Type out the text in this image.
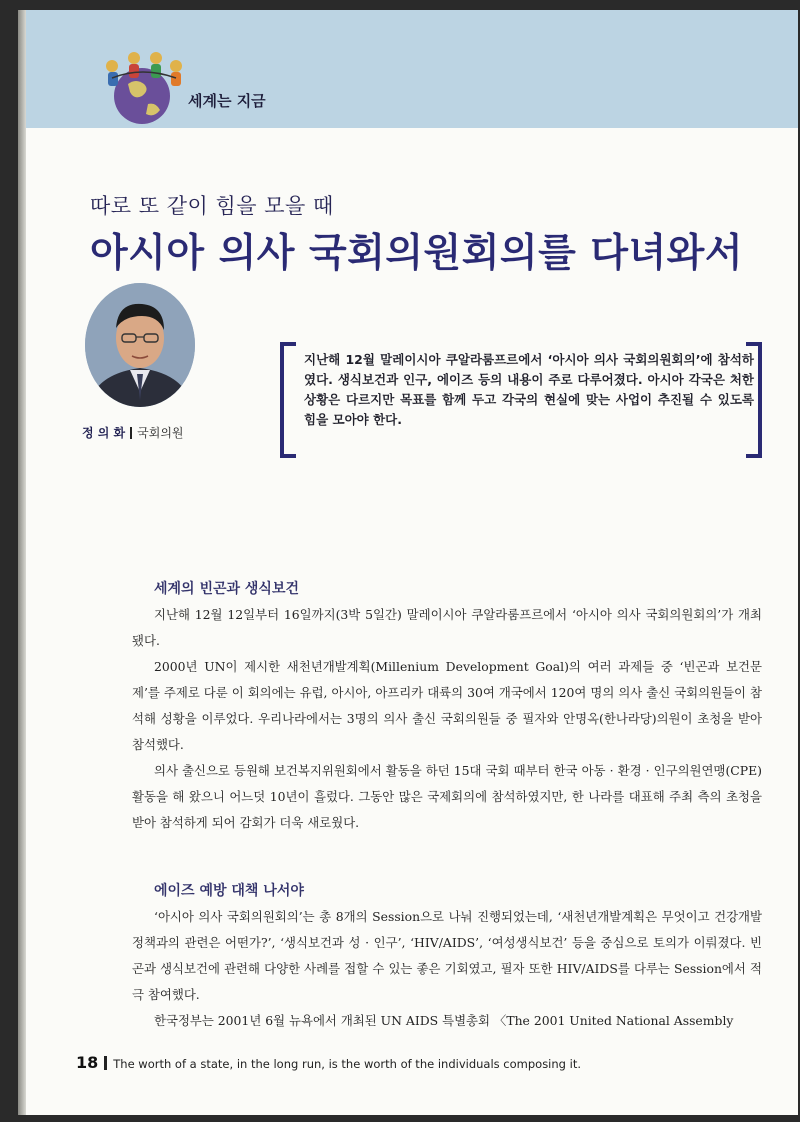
세계는 지금
따로 또 같이 힘을 모을 때
아시아 의사 국회의원회의를 다녀와서
정 의 화 국회의원
지난해 12월 말레이시아 쿠알라룸프르에서 ‘아시아 의사 국회의원회의’에 참석하였다. 생식보건과 인구, 에이즈 등의 내용이 주로 다루어졌다. 아시아 각국은 처한 상황은 다르지만 목표를 함께 두고 각국의 현실에 맞는 사업이 추진될 수 있도록 힘을 모아야 한다.
세계의 빈곤과 생식보건

지난해 12월 12일부터 16일까지(3박 5일간) 말레이시아 쿠알라룸프르에서 ‘아시아 의사 국회의원회의’가 개최됐다.

2000년 UN이 제시한 새천년개발계획(Millenium Development Goal)의 여러 과제들 중 ‘빈곤과 보건문제’를 주제로 다룬 이 회의에는 유럽, 아시아, 아프리카 대륙의 30여 개국에서 120여 명의 의사 출신 국회의원들이 참석해 성황을 이루었다. 우리나라에서는 3명의 의사 출신 국회의원들 중 필자와 안명옥(한나라당)의원이 초청을 받아 참석했다.

의사 출신으로 등원해 보건복지위원회에서 활동을 하던 15대 국회 때부터 한국 아동 · 환경 · 인구의원연맹(CPE)활동을 해 왔으니 어느덧 10년이 흘렀다. 그동안 많은 국제회의에 참석하였지만, 한 나라를 대표해 주최 측의 초청을 받아 참석하게 되어 감회가 더욱 새로웠다.

에이즈 예방 대책 나서야

‘아시아 의사 국회의원회의’는 총 8개의 Session으로 나눠 진행되었는데, ‘새천년개발계획은 무엇이고 건강개발정책과의 관련은 어떤가?’, ‘생식보건과 성 · 인구’, ‘HIV/AIDS’, ‘여성생식보건’ 등을 중심으로 토의가 이뤄졌다. 빈곤과 생식보건에 관련해 다양한 사례를 접할 수 있는 좋은 기회였고, 필자 또한 HIV/AIDS를 다루는 Session에서 적극 참여했다.

한국정부는 2001년 6월 뉴욕에서 개최된 UN AIDS 특별총회 〈The 2001 United National Assembly

18 The worth of a state, in the long run, is the worth of the individuals composing it.
